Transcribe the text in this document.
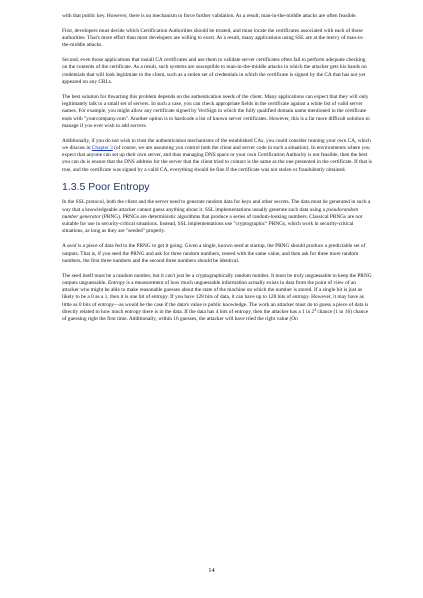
with that public key. However, there is no mechanism to force further validation. As a result, man-in-the-middle attacks are often feasible.

First, developers must decide which Certification Authorities should be trusted, and must locate the certificates associated with each of those authorities. That's more effort than most developers are willing to exert. As a result, many applications using SSL are at the mercy of man-in-the-middle attacks.

Second, even those applications that install CA certificates and use them to validate server certificates often fail to perform adequate checking on the contents of the certificate. As a result, such systems are susceptible to man-in-the-middle attacks in which the attacker gets his hands on credentials that will look legitimate to the client, such as a stolen set of credentials in which the certificate is signed by the CA that has not yet appeared on any CRLs.

The best solution for thwarting this problem depends on the authentication needs of the client. Many applications can expect that they will only legitimately talk to a small set of servers. In such a case, you can check appropriate fields in the certificate against a white list of valid server names. For example, you might allow any certificate signed by VeriSign in which the fully qualified domain name mentioned in the certificate ends with "yourcompany.com". Another option is to hardcode a list of known server certificates. However, this is a far more difficult solution to manage if you ever wish to add servers.

Additionally, if you do not wish to trust the authentication mechanisms of the established CAs, you could consider running your own CA, which we discuss in Chapter 3 (of course, we are assuming you control both the client and server code in such a situation). In environments where you expect that anyone can set up their own server, and thus managing DNS space or your own Certification Authority is not feasible, then the best you can do is ensure that the DNS address for the server that the client tried to contact is the same as the one presented in the certificate. If that is true, and the certificate was signed by a valid CA, everything should be fine if the certificate was not stolen or fraudulently obtained.

1.3.5 Poor Entropy

In the SSL protocol, both the client and the server need to generate random data for keys and other secrets. The data must be generated in such a way that a knowledgeable attacker cannot guess anything about it. SSL implementations usually generate such data using a pseudorandom number generator (PRNG). PRNGs are deterministic algorithms that produce a series of random-looking numbers. Classical PRNGs are not suitable for use in security-critical situations. Instead, SSL implementations use "cryptographic" PRNGs, which work in security-critical situations, as long as they are "seeded" properly.

A seed is a piece of data fed to the PRNG to get it going. Given a single, known seed at startup, the PRNG should produce a predictable set of outputs. That is, if you seed the PRNG and ask for three random numbers, reseed with the same value, and then ask for three more random numbers, the first three numbers and the second three numbers should be identical.

The seed itself must be a random number, but it can't just be a cryptographically random number. It must be truly unguessable to keep the PRNG outputs unguessable. Entropy is a measurement of how much unguessable information actually exists in data from the point of view of an attacker who might be able to make reasonable guesses about the state of the machine on which the number is stored. If a single bit is just as likely to be a 0 as a 1, then it is one bit of entropy. If you have 128 bits of data, it can have up to 128 bits of entropy. However, it may have as little as 0 bits of entropy—as would be the case if the data's value is public knowledge. The work an attacker must do to guess a piece of data is directly related to how much entropy there is in the data. If the data has 4 bits of entropy, then the attacker has a 1 in $2^4$ chance (1 in 16) chance of guessing right the first time. Additionally, within 16 guesses, the attacker will have tried the right value (On

14
